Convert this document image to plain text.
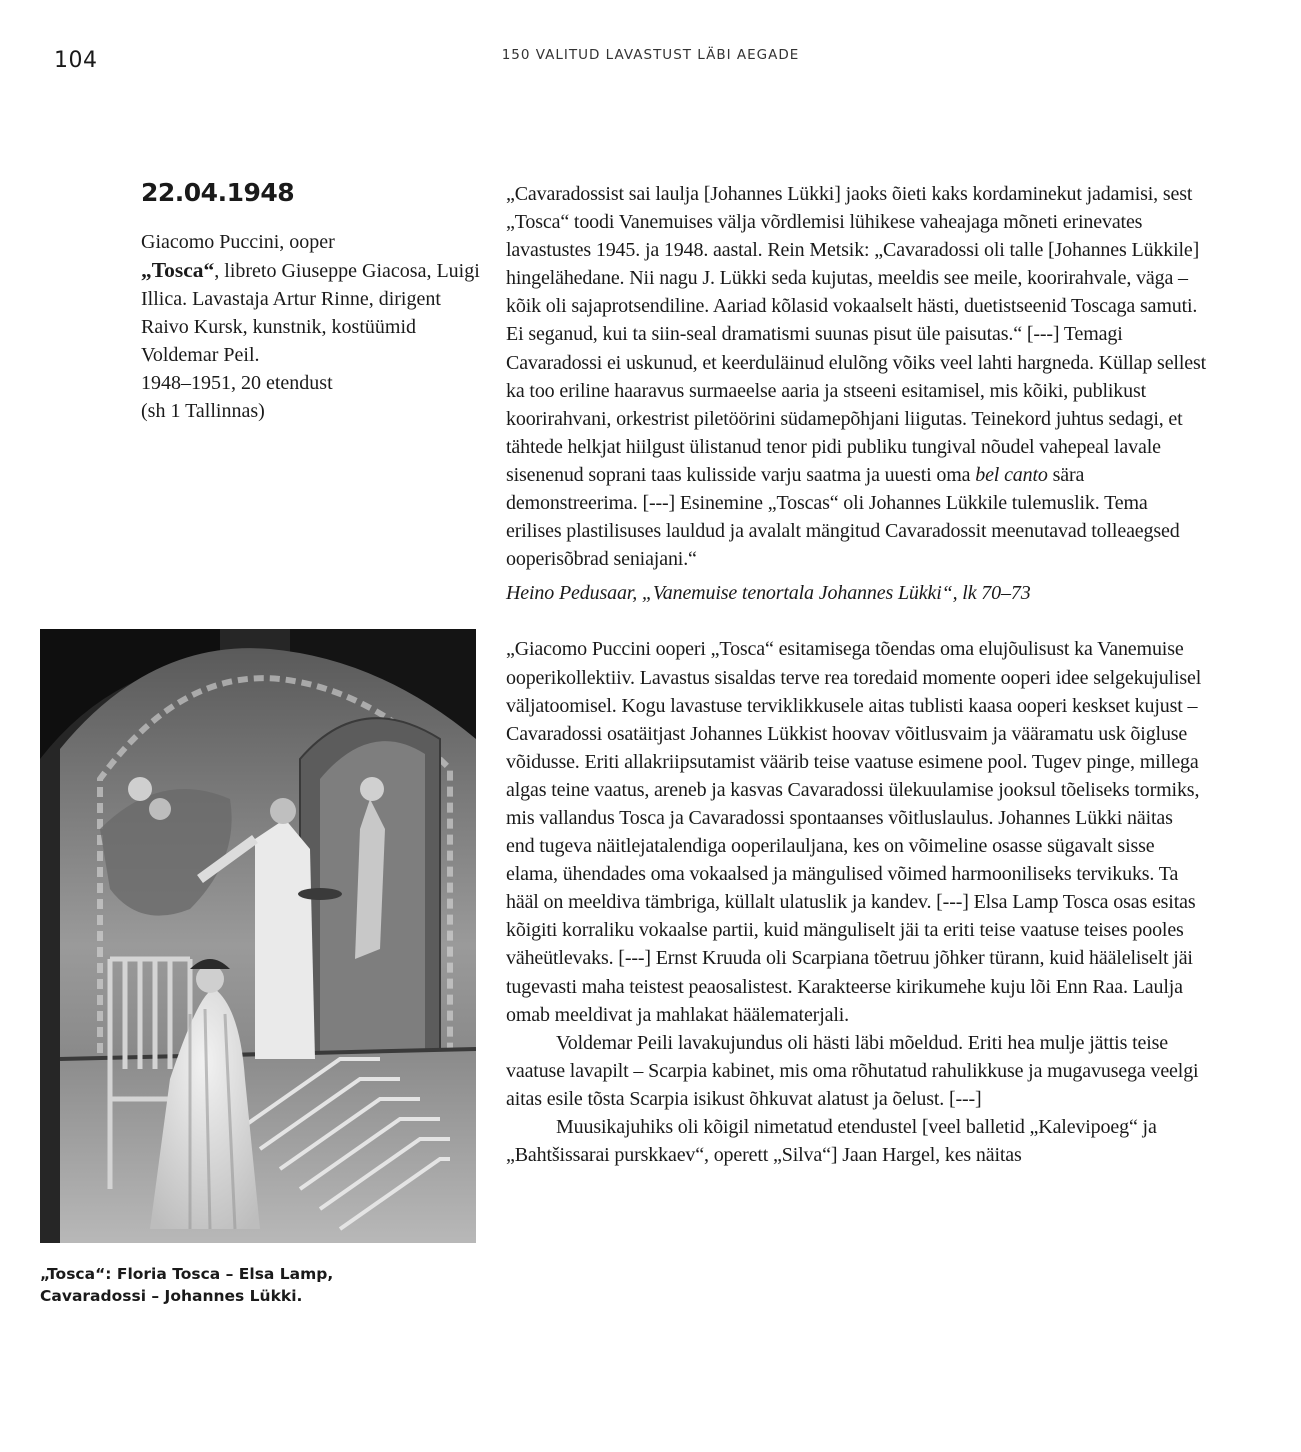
104	150 VALITUD LAVASTUST LÄBI AEGADE
22.04.1948

Giacomo Puccini, ooper

„Tosca“, libreto Giuseppe Giacosa, Luigi Illica. Lavastaja Artur Rinne, dirigent Raivo Kursk, kunstnik, kostüümid Voldemar Peil.

1948–1951, 20 etendust

(sh 1 Tallinnas)

„Tosca“: Floria Tosca – Elsa Lamp, Cavaradossi – Johannes Lükki.

„Cavaradossist sai laulja [Johannes Lükki] jaoks õieti kaks kordaminekut jadamisi, sest „Tosca“ toodi Vanemuises välja võrdlemisi lühikese vaheajaga mõneti erinevates lavastustes 1945. ja 1948. aastal. Rein Metsik: „Cavaradossi oli talle [Johannes Lükkile] hingelähedane. Nii nagu J. Lükki seda kujutas, meeldis see meile, koorirahvale, väga – kõik oli sajaprotsendiline. Aariad kõlasid vokaalselt hästi, duetistseenid Toscaga samuti. Ei seganud, kui ta siin-seal dramatismi suunas pisut üle paisutas.“ [---] Temagi Cavaradossi ei uskunud, et keerduläinud elulõng võiks veel lahti hargneda. Küllap sellest ka too eriline haaravus surmaeelse aaria ja stseeni esitamisel, mis kõiki, publikust koorirahvani, orkestrist piletöörini südamepõhjani liigutas. Teinekord juhtus sedagi, et tähtede helkjat hiilgust ülistanud tenor pidi publiku tungival nõudel vahepeal lavale sisenenud soprani taas kulisside varju saatma ja uuesti oma bel canto sära demonstreerima. [---] Esinemine „Toscas“ oli Johannes Lükkile tulemuslik. Tema erilises plastilisuses lauldud ja avalalt mängitud Cavaradossit meenutavad tolleaegsed ooperisõbrad seniajani.“

Heino Pedusaar, „Vanemuise tenortala Johannes Lükki“, lk 70–73

„Giacomo Puccini ooperi „Tosca“ esitamisega tõendas oma elujõulisust ka Vanemuise ooperikollektiiv. Lavastus sisaldas terve rea toredaid momente ooperi idee selgekujulisel väljatoomisel. Kogu lavastuse terviklikkusele aitas tublisti kaasa ooperi keskset kujust – Cavaradossi osatäitjast Johannes Lükkist hoovav võitlusvaim ja vääramatu usk õigluse võidusse. Eriti allakriipsutamist väärib teise vaatuse esimene pool. Tugev pinge, millega algas teine vaatus, areneb ja kasvas Cavaradossi ülekuulamise jooksul tõeliseks tormiks, mis vallandus Tosca ja Cavaradossi spontaanses võitluslaulus. Johannes Lükki näitas end tugeva näitlejatalendiga ooperilauljana, kes on võimeline osasse sügavalt sisse elama, ühendades oma vokaalsed ja mängulised võimed harmooniliseks tervikuks. Ta hääl on meeldiva tämbriga, küllalt ulatuslik ja kandev. [---] Elsa Lamp Tosca osas esitas kõigiti korraliku vokaalse partii, kuid mänguliselt jäi ta eriti teise vaatuse teises pooles väheütlevaks. [---] Ernst Kruuda oli Scarpiana tõetruu jõhker türann, kuid hääleliselt jäi tugevasti maha teistest peaosalistest. Karakteerse kirikumehe kuju lõi Enn Raa. Laulja omab meeldivat ja mahlakat häälematerjali.

Voldemar Peili lavakujundus oli hästi läbi mõeldud. Eriti hea mulje jättis teise vaatuse lavapilt – Scarpia kabinet, mis oma rõhutatud rahulikkuse ja mugavusega veelgi aitas esile tõsta Scarpia isikust õhkuvat alatust ja õelust. [---]

Muusikajuhiks oli kõigil nimetatud etendustel [veel balletid „Kalevipoeg“ ja „Bahtšissarai purskkaev“, operett „Silva“] Jaan Hargel, kes näitas
